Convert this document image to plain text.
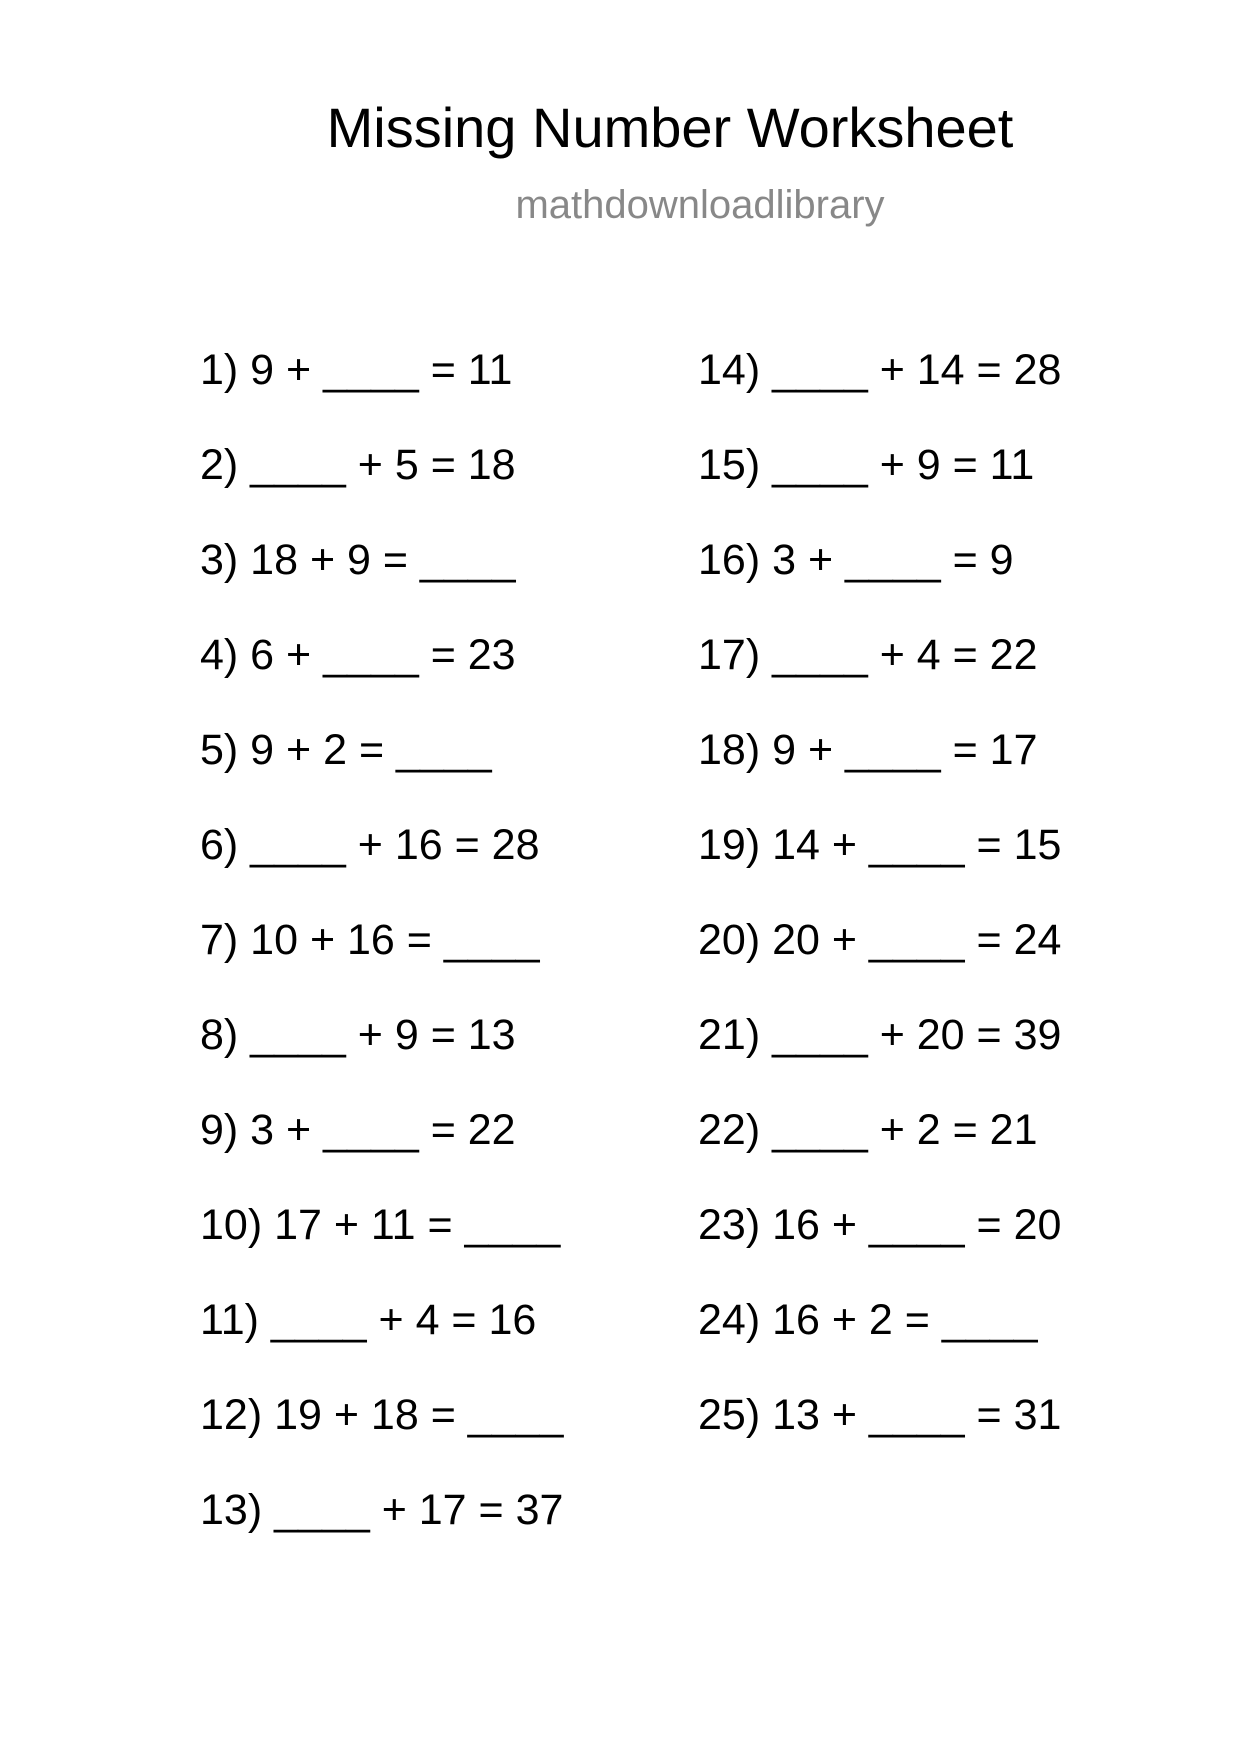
Missing Number Worksheet
mathdownloadlibrary
1) 9 + ____ = 11
2) ____ + 5 = 18
3) 18 + 9 = ____
4) 6 + ____ = 23
5) 9 + 2 = ____
6) ____ + 16 = 28
7) 10 + 16 = ____
8) ____ + 9 = 13
9) 3 + ____ = 22
10) 17 + 11 = ____
11) ____ + 4 = 16
12) 19 + 18 = ____
13) ____ + 17 = 37
14) ____ + 14 = 28
15) ____ + 9 = 11
16) 3 + ____ = 9
17) ____ + 4 = 22
18) 9 + ____ = 17
19) 14 + ____ = 15
20) 20 + ____ = 24
21) ____ + 20 = 39
22) ____ + 2 = 21
23) 16 + ____ = 20
24) 16 + 2 = ____
25) 13 + ____ = 31
